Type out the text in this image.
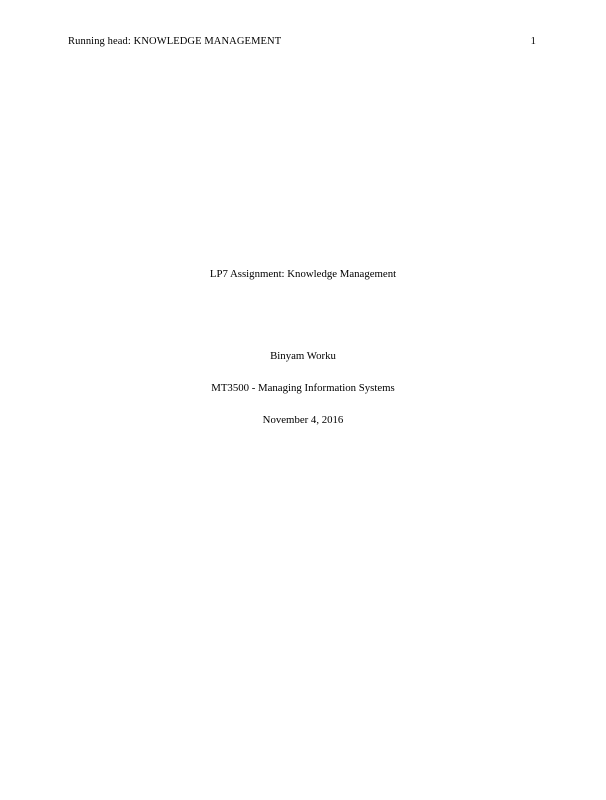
Running head: KNOWLEDGE MANAGEMENT	1
LP7 Assignment: Knowledge Management
Binyam Worku
MT3500 - Managing Information Systems
November 4, 2016
